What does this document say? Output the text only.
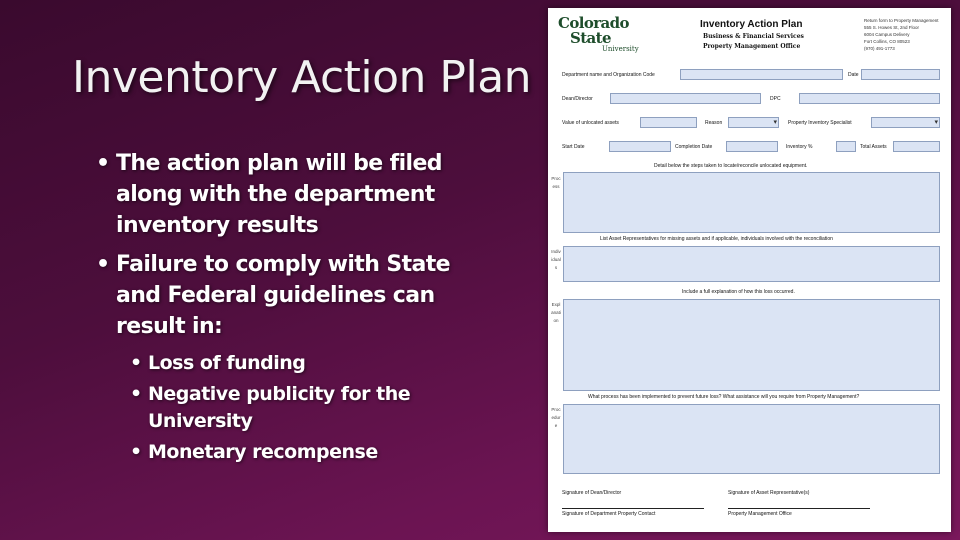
Inventory Action Plan
• The action plan will be filed along with the department inventory results
• Failure to comply with State and Federal guidelines can result in:
• Loss of funding
• Negative publicity for the University
• Monetary recompense
Colorado
State
University
Inventory Action Plan
Business & Financial Services
Property Management Office
Return form to Property Management
555 S. Howes St, 2nd Floor
6004 Campus Delivery
Fort Collins, CO 80523
(970) 491-1773
Department name and Organization Code	Date
Dean/Director	DPC
Value of unlocated assets	Reason
▾	Property Inventory Specialist
▾
Start Date	Completion Date	Inventory %	Total Assets
Detail below the steps taken to locate/reconcile unlocated equipment.
Process
List Asset Representatives for missing assets and if applicable, individuals involved with the reconciliation
Individuals
Include a full explanation of how this loss occurred.
Explanation
What process has been implemented to prevent future loss? What assistance will you require from Property Management?
Procedure
Signature of Dean/Director	Signature of Asset Representative(s)
Signature of Department Property Contact	Property Management Office
